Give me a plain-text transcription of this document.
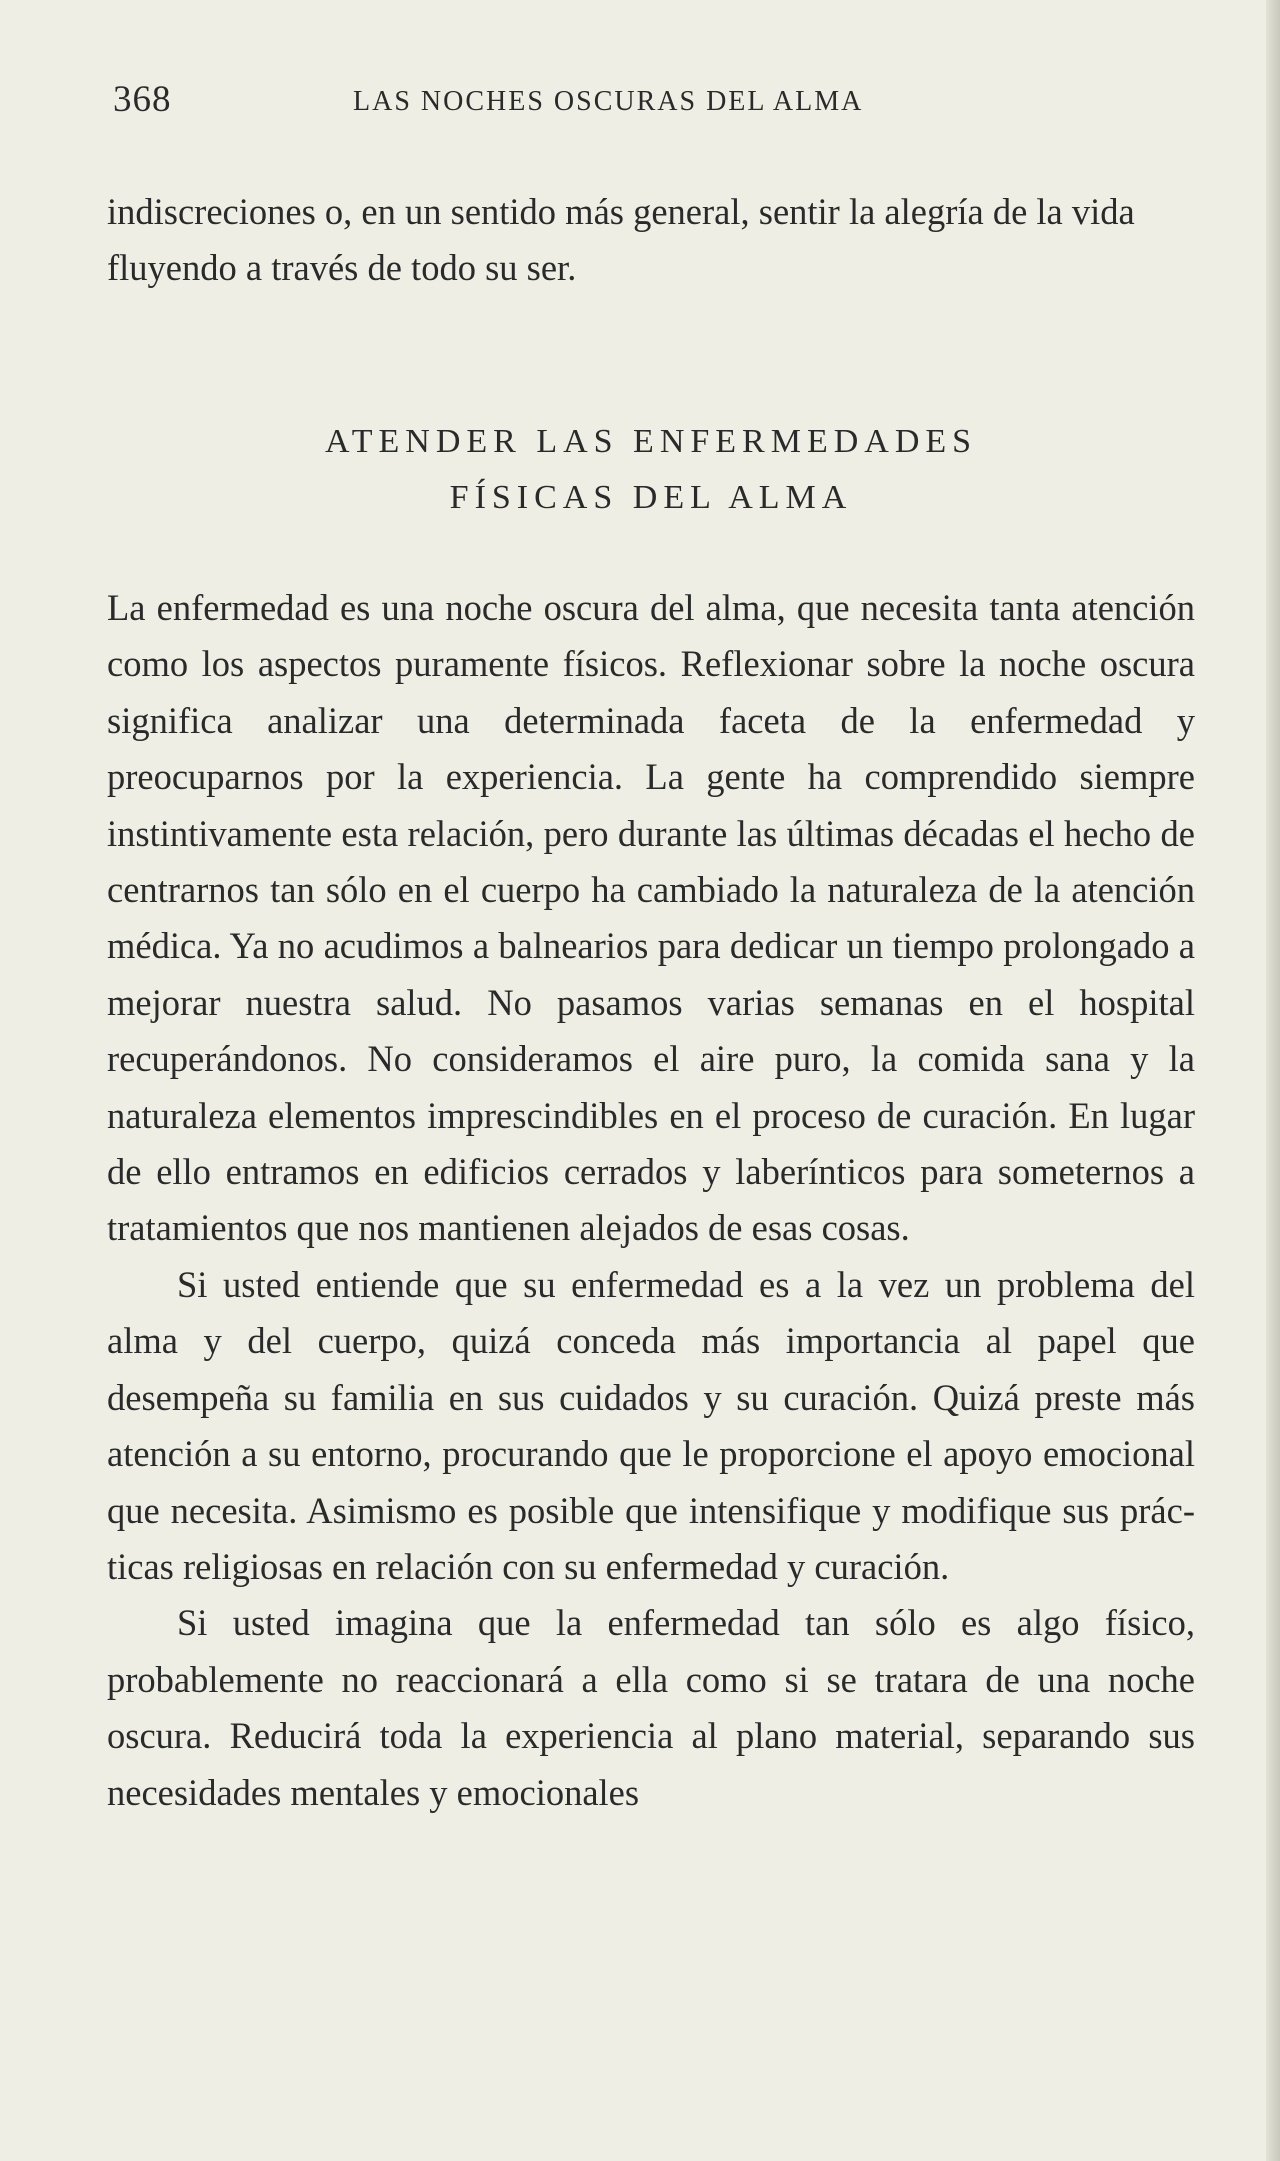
368	LAS NOCHES OSCURAS DEL ALMA

indiscreciones o, en un sentido más general, sentir la alegría de la vida fluyendo a través de todo su ser.

ATENDER LAS ENFERMEDADES
FÍSICAS DEL ALMA

La enfermedad es una noche oscura del alma, que necesita tanta atención como los aspectos puramente físicos. Reflexionar sobre la noche oscura significa analizar una determinada faceta de la enfermedad y preocuparnos por la experiencia. La gente ha comprendido siempre instintivamente esta relación, pero durante las últimas décadas el hecho de centrarnos tan sólo en el cuerpo ha cambiado la naturaleza de la atención médica. Ya no acudimos a balnearios para dedicar un tiempo prolongado a mejorar nuestra salud. No pasamos varias semanas en el hospital recuperándonos. No consideramos el aire puro, la comida sana y la naturaleza elementos imprescindibles en el proceso de curación. En lugar de ello entramos en edificios cerrados y laberínticos para someternos a tratamientos que nos mantienen alejados de esas cosas.

Si usted entiende que su enfermedad es a la vez un problema del alma y del cuerpo, quizá conceda más importancia al papel que desempeña su familia en sus cuidados y su curación. Quizá preste más atención a su entorno, procurando que le proporcione el apoyo emocional que necesita. Asimismo es posible que intensifique y modifique sus prácticas religiosas en relación con su enfermedad y curación.

Si usted imagina que la enfermedad tan sólo es algo físico, probablemente no reaccionará a ella como si se tratara de una noche oscura. Reducirá toda la experiencia al plano material, separando sus necesidades mentales y emocionales
